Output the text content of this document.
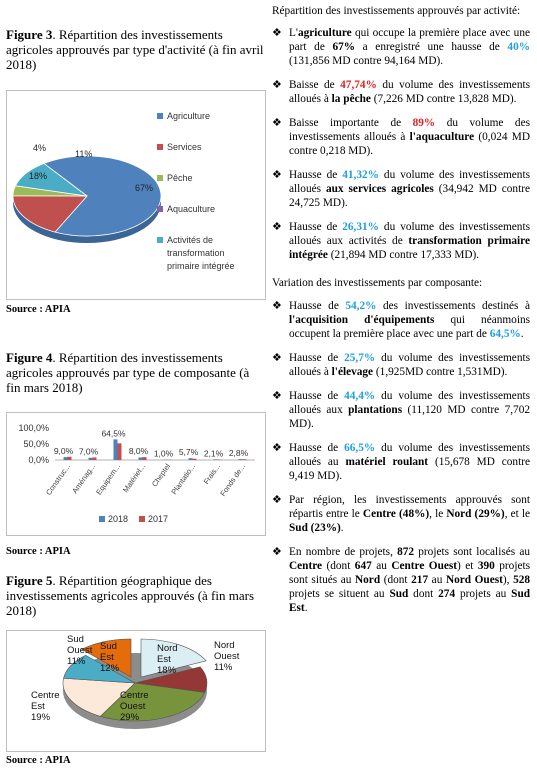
Figure 3. Répartition des investissements agricoles approuvés par type d'activité (à fin avril 2018)
67%
18%
4%
11%
Agriculture
Services
Pêche
Aquaculture
Activités de
transformation
primaire intégrée
Source : APIA
Figure 4. Répartition des investissements agricoles approuvés par type de composante (à fin mars 2018)
100,0%
50,0%
0,0%
9,0%
Construc...
7,0%
Aménag...
64,5%
Equipem...
8,0%
Matériel...
1,0%
Cheptel
5,7%
Plantatio...
2,1%
Frais...
2,8%
Fonds de...
2018 2017
Source : APIA
Figure 5. Répartition géographique des investissements agricoles approuvés (à fin mars 2018)
Nord
Est
18%
Nord
Ouest
11%
Centre
Ouest
29%
Centre
Est
19%
Sud
Ouest
11%
Sud
Est
12%
Source : APIA
Répartition des investissements approuvés par activité:
❖ L'agriculture qui occupe la première place avec une part de 67% a enregistré une hausse de 40% (131,856 MD contre 94,164 MD).
❖ Baisse de 47,74% du volume des investissements alloués à la pêche (7,226 MD contre 13,828 MD).
❖ Baisse importante de 89% du volume des investissements alloués à l'aquaculture (0,024 MD contre 0,218 MD).
❖ Hausse de 41,32% du volume des investissements alloués aux services agricoles (34,942 MD contre 24,725 MD).
❖ Hausse de 26,31% du volume des investissements alloués aux activités de transformation primaire intégrée (21,894 MD contre 17,333 MD).
Variation des investissements par composante:
❖ Hausse de 54,2% des investissements destinés à l'acquisition d'équipements qui néanmoins occupent la première place avec une part de 64,5%.
❖ Hausse de 25,7% du volume des investissements alloués à l'élevage (1,925MD contre 1,531MD).
❖ Hausse de 44,4% du volume des investissements alloués aux plantations (11,120 MD contre 7,702 MD).
❖ Hausse de 66,5% du volume des investissements alloués au matériel roulant (15,678 MD contre 9,419 MD).
❖ Par région, les investissements approuvés sont répartis entre le Centre (48%), le Nord (29%), et le Sud (23%).
❖ En nombre de projets, 872 projets sont localisés au Centre (dont 647 au Centre Ouest) et 390 projets sont situés au Nord (dont 217 au Nord Ouest), 528 projets se situent au Sud dont 274 projets au Sud Est.
